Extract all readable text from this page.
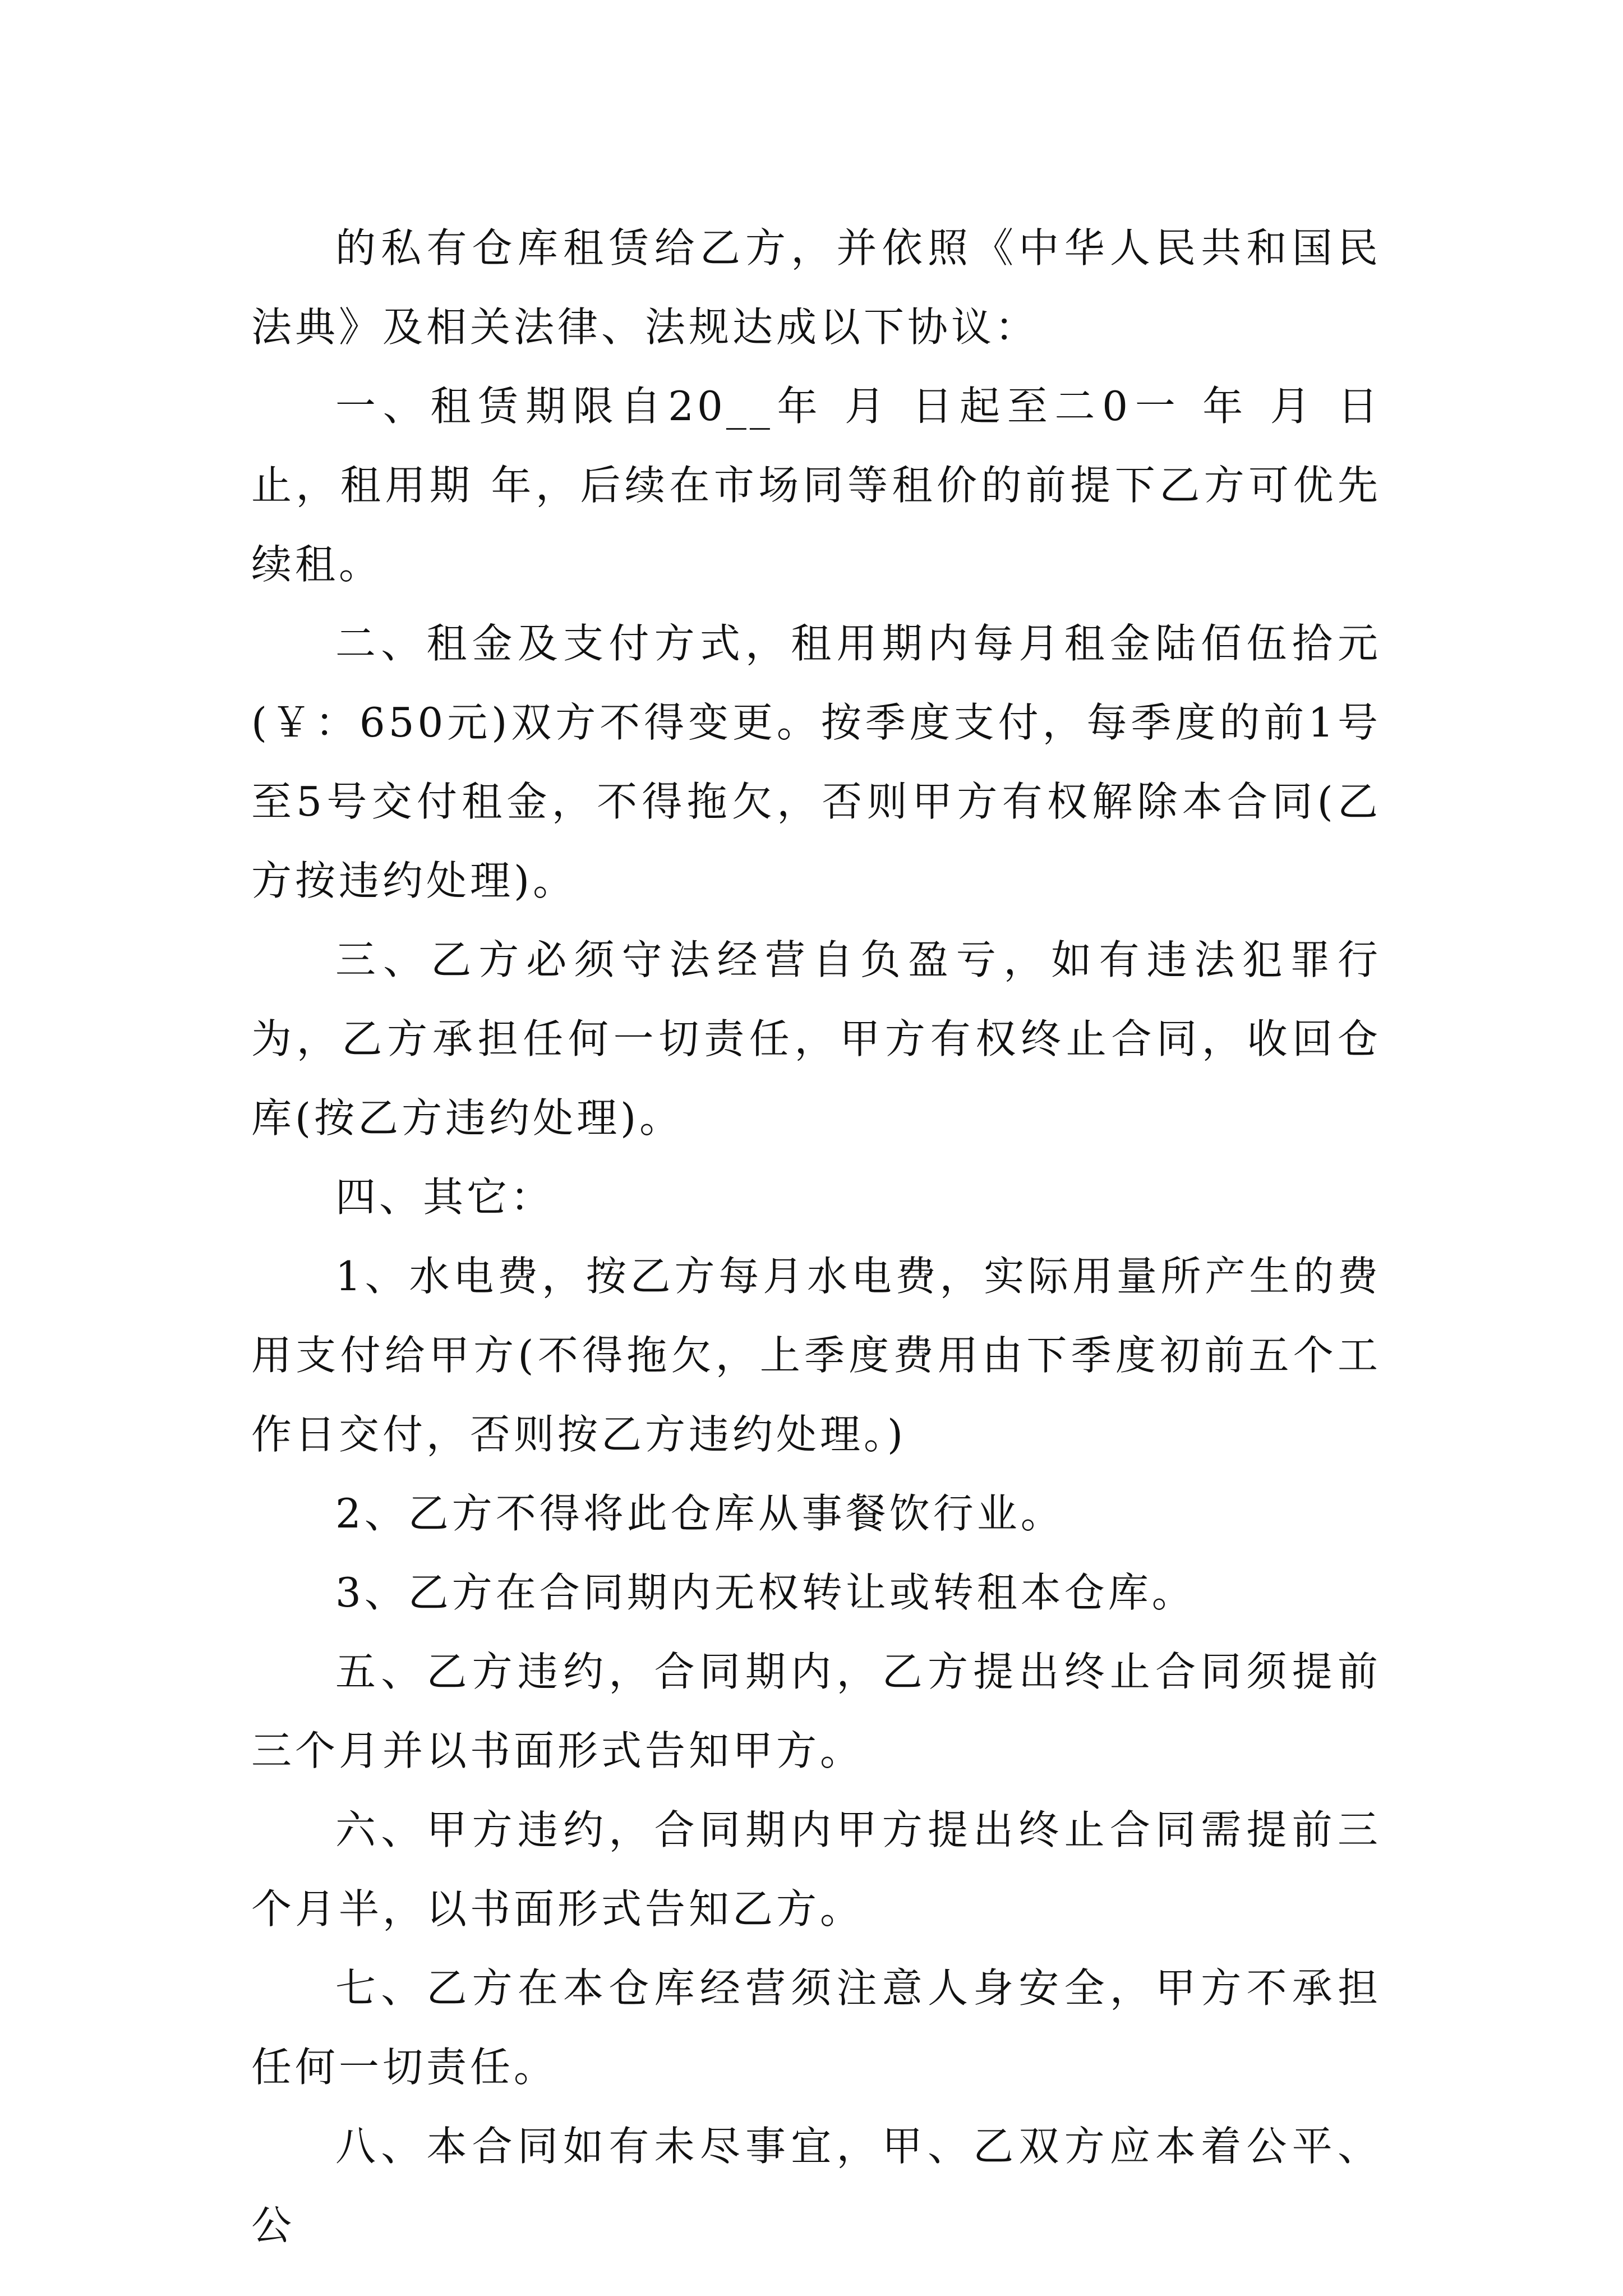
的私有仓库租赁给乙方，并依照《中华人民共和国民法典》及相关法律、法规达成以下协议：

一、租赁期限自20__年 月 日起至二0一 年 月 日止，租用期 年，后续在市场同等租价的前提下乙方可优先续租。

二、租金及支付方式，租用期内每月租金陆佰伍拾元(￥：650元)双方不得变更。按季度支付，每季度的前1号至5号交付租金，不得拖欠，否则甲方有权解除本合同(乙方按违约处理)。

三、乙方必须守法经营自负盈亏，如有违法犯罪行为，乙方承担任何一切责任，甲方有权终止合同，收回仓库(按乙方违约处理)。

四、其它：

1、水电费，按乙方每月水电费，实际用量所产生的费用支付给甲方(不得拖欠，上季度费用由下季度初前五个工作日交付，否则按乙方违约处理。)

2、乙方不得将此仓库从事餐饮行业。

3、乙方在合同期内无权转让或转租本仓库。

五、乙方违约，合同期内，乙方提出终止合同须提前三个月并以书面形式告知甲方。

六、甲方违约，合同期内甲方提出终止合同需提前三个月半，以书面形式告知乙方。

七、乙方在本仓库经营须注意人身安全，甲方不承担任何一切责任。

八、本合同如有未尽事宜，甲、乙双方应本着公平、公
